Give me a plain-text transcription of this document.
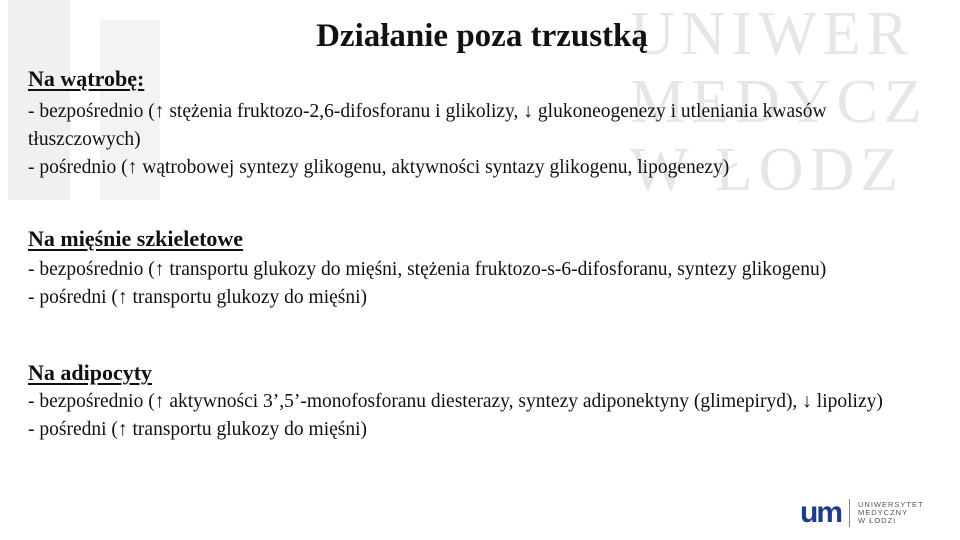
UNIWER
MEDYCZ
W ŁODZ
Działanie poza trzustką
Na wątrobę:

- bezpośrednio (↑ stężenia fruktozo-2,6-difosforanu i glikolizy, ↓ glukoneogenezy i utleniania kwasów tłuszczowych)

- pośrednio (↑ wątrobowej syntezy glikogenu, aktywności syntazy glikogenu, lipogenezy)

Na mięśnie szkieletowe

- bezpośrednio (↑ transportu glukozy do mięśni, stężenia fruktozo-s-6-difosforanu, syntezy glikogenu)

- pośredni (↑ transportu glukozy do mięśni)

Na adipocyty

- bezpośrednio (↑ aktywności 3’,5’-monofosforanu diesterazy, syntezy adiponektyny (glimepiryd), ↓ lipolizy)

- pośredni (↑ transportu glukozy do mięśni)

um UNIWERSYTET
MEDYCZNY
W ŁODZI
